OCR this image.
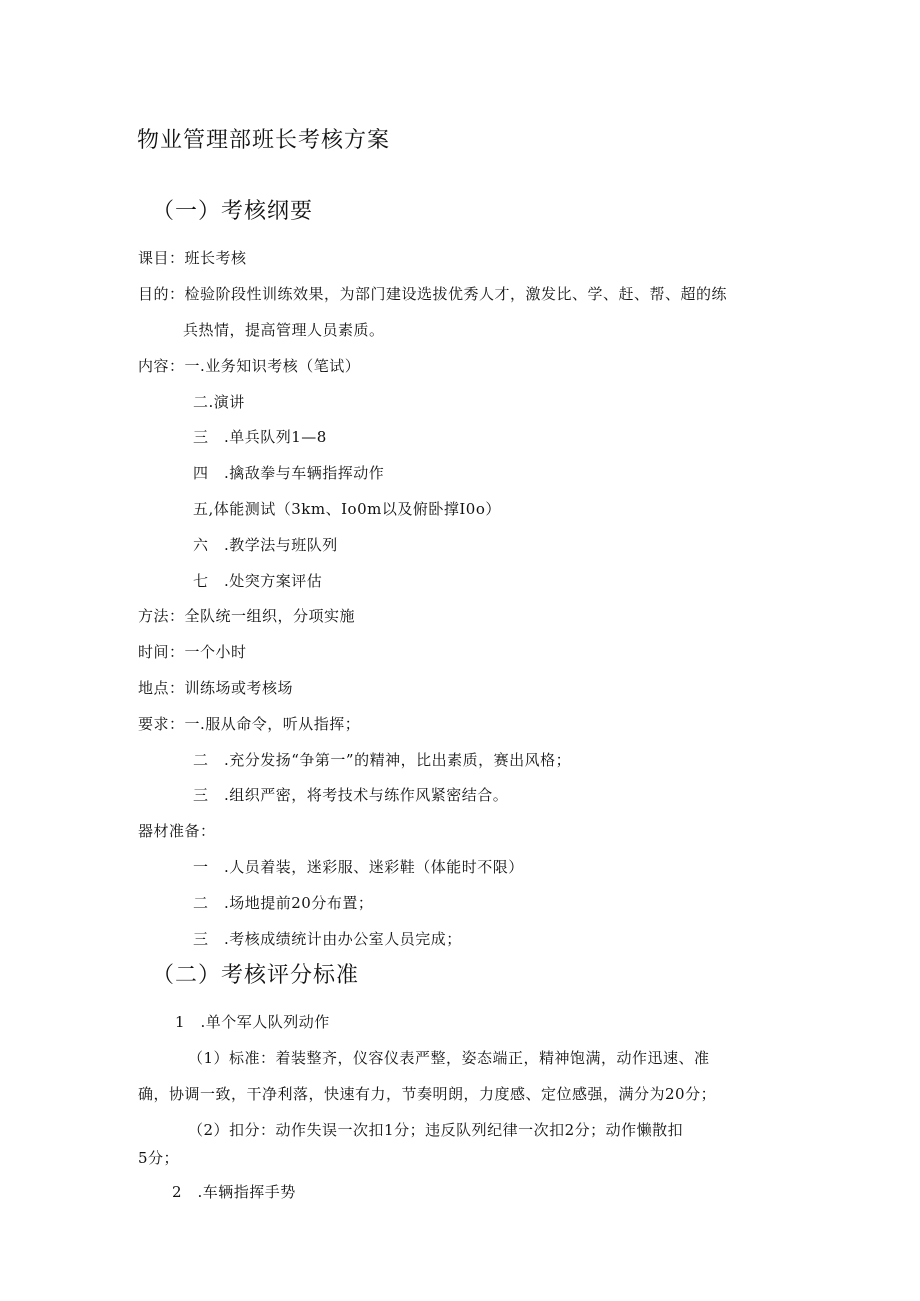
物业管理部班长考核方案
（一）考核纲要
课目：班长考核
目的：检验阶段性训练效果，为部门建设选拔优秀人才，激发比、学、赶、帮、超的练
兵热情，提高管理人员素质。
内容：一.业务知识考核（笔试）
二.演讲
三　.单兵队列1—8
四　.擒敌拳与车辆指挥动作
五,体能测试（3km、Io0m以及俯卧撑I0o）
六　.教学法与班队列
七　.处突方案评估
方法：全队统一组织，分项实施
时间：一个小时
地点：训练场或考核场
要求：一.服从命令，听从指挥；
二　.充分发扬“争第一”的精神，比出素质，赛出风格；
三　.组织严密，将考技术与练作风紧密结合。
器材准备：
一　.人员着装，迷彩服、迷彩鞋（体能时不限）
二　.场地提前20分布置；
三　.考核成绩统计由办公室人员完成；
（二）考核评分标准
1　.单个军人队列动作
（1）标准：着装整齐，仪容仪表严整，姿态端正，精神饱满，动作迅速、准
确，协调一致，干净利落，快速有力，节奏明朗，力度感、定位感强，满分为20分；
（2）扣分：动作失误一次扣1分；违反队列纪律一次扣2分；动作懒散扣
5分；
2　.车辆指挥手势
